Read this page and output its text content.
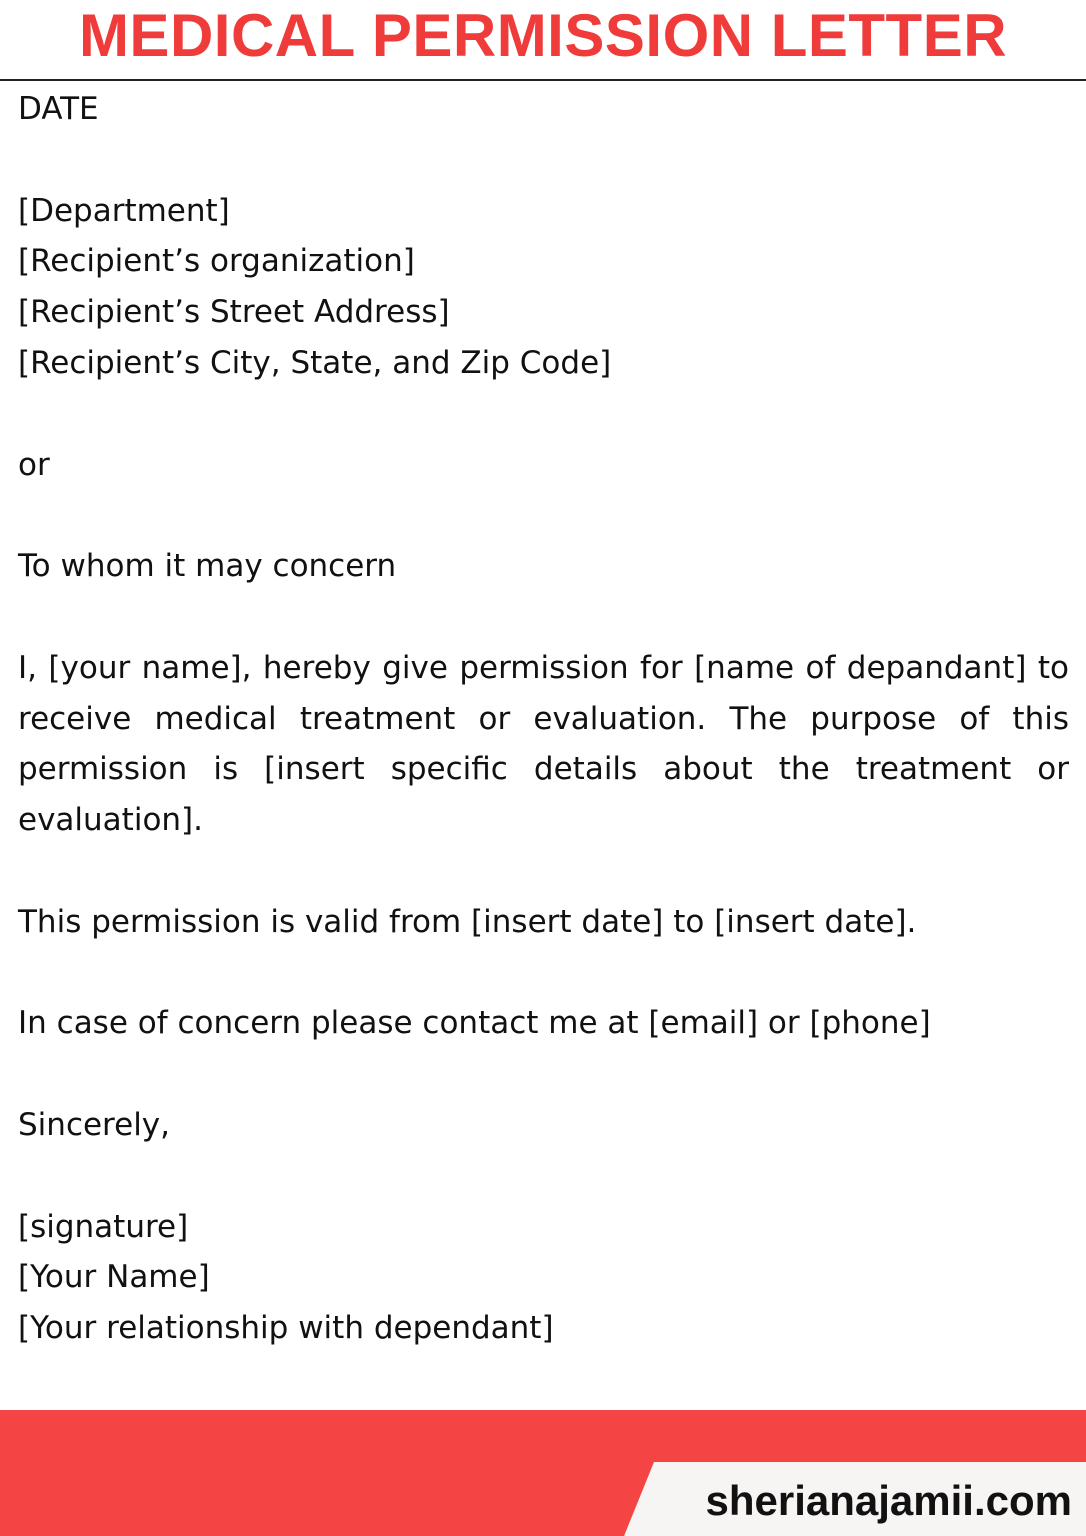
MEDICAL PERMISSION LETTER

DATE

[Department]

[Recipient’s organization]

[Recipient’s Street Address]

[Recipient’s City, State, and Zip Code]

or

To whom it may concern

I, [your name], hereby give permission for [name of depandant] to receive medical treatment or evaluation. The purpose of this permission is [insert specific details about the treatment or evaluation].

This permission is valid from [insert date] to [insert date].

In case of concern please contact me at [email] or [phone]

Sincerely,

[signature]

[Your Name]

[Your relationship with dependant]

sherianajamii.com
